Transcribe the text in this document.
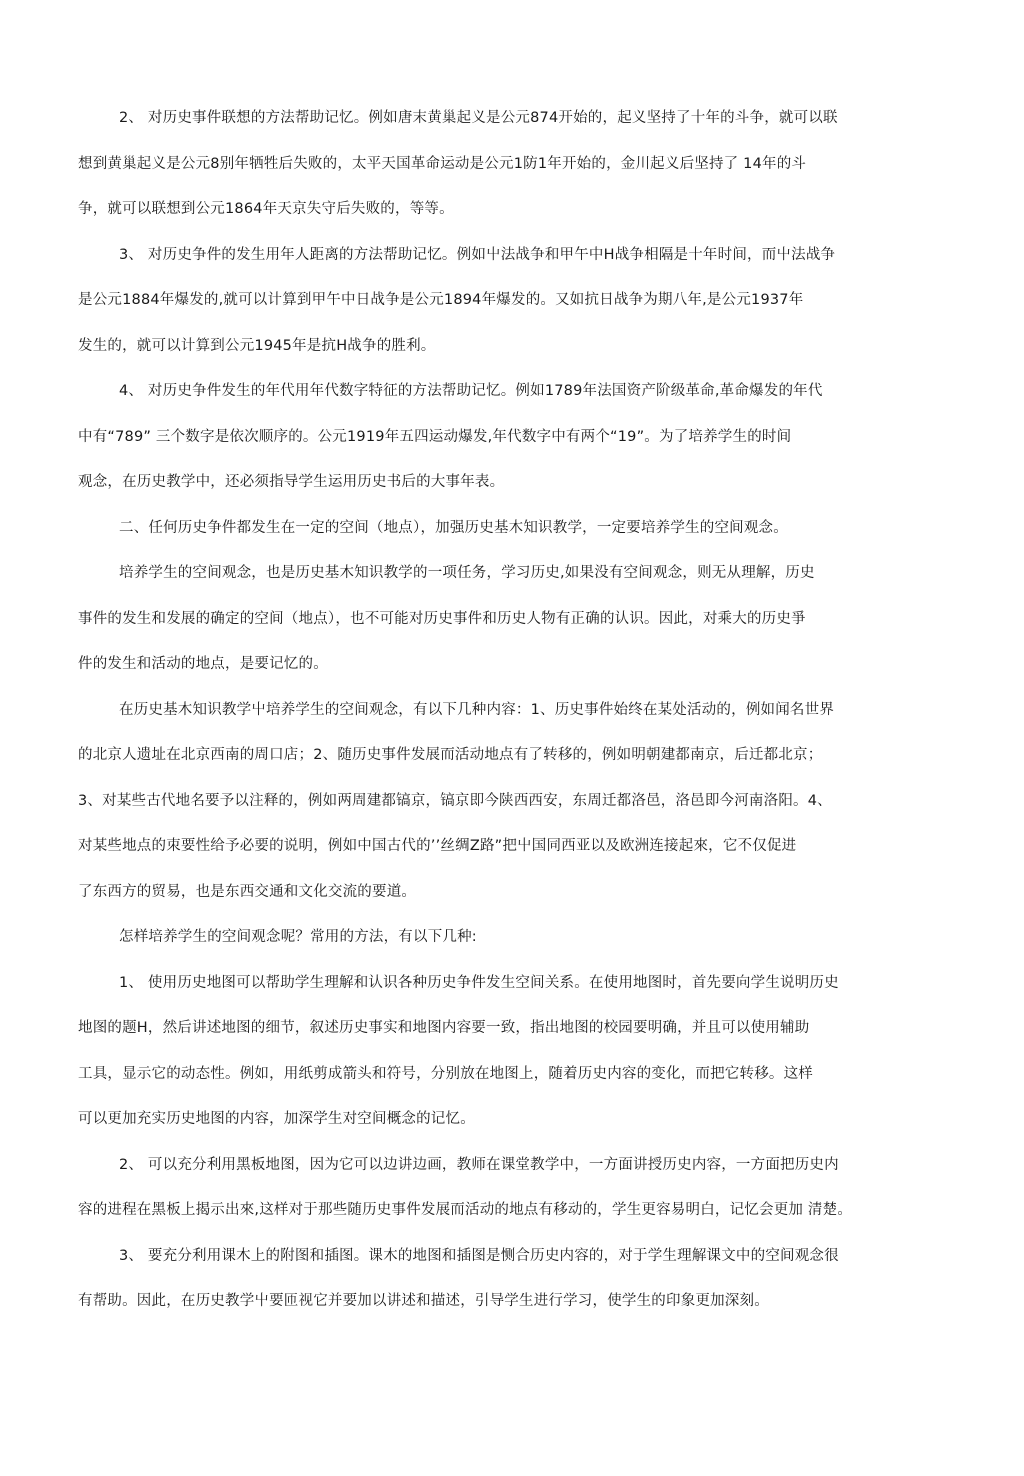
2、 对历史事件联想的方法帮助记忆。例如唐末黄巢起义是公元874开始的，起义坚持了十年的斗争，就可以联
想到黄巢起义是公元8别年牺牲后失败的，太平天国革命运动是公元1防1年开始的，金川起义后坚持了 14年的斗
争，就可以联想到公元1864年天京失守后失败的，等等。
3、 对历史争件的发生用年人距离的方法帮助记忆。例如屮法战争和甲午中H战争相隔是十年时间，而屮法战争
是公元1884年爆发的,就可以计算到甲午中日战争是公元1894年爆发的。又如抗日战争为期八年,是公元1937年
发生的，就可以计算到公元1945年是抗H战争的胜利。
4、 对历史争件发生的年代用年代数字特征的方法帮助记忆。例如1789年法国资产阶级革命,革命爆发的年代
中有“789” 三个数字是依次顺序的。公元1919年五四运动爆发,年代数字中有两个“19”。为了培养学生的时间
观念，在历史教学中，还必须指导学生运用历史书后的大事年表。
二、任何历史争件都发生在一定的空间（地点），加强历史基木知识教学，一定要培养学生的空间观念。
培养学生的空间观念，也是历史基木知识教学的一项任务，学习历史,如果没有空间观念，则无从理解，历史
事件的发生和发展的确定的空间（地点），也不可能对历史事件和历史人物有正确的认识。因此，对乘大的历史爭
件的发生和活动的地点，是要记忆的。
在历史基木知识教学屮培养学生的空间观念，有以下几种内容：1、历史事件始终在某处活动的，例如闻名世界
的北京人遗址在北京西南的周口店；2、随历史事件发展而活动地点有了转移的，例如明朝建都南京，后迁都北京；
3、对某些古代地名要予以注释的，例如两周建都镐京，镐京即今陕西西安，东周迁都洛邑，洛邑即今河南洛阳。4、
对某些地点的朿要性给予必要的说明，例如中国古代的’’丝绸Z路”把屮国同西亚以及欧洲连接起來，它不仅促进
了东西方的贸易，也是东西交通和文化交流的要道。
怎样培养学生的空间观念呢？常用的方法，有以下几种:
1、 使用历史地图可以帮助学生理解和认识各种历史争件发生空间关系。在使用地图时，首先要向学生说明历史
地图的题H，然后讲述地图的细节，叙述历史事实和地图内容要一致，指出地图的校园要明确，并且可以使用辅助
工具，显示它的动态性。例如，用纸剪成箭头和符号，分别放在地图上，随着历史内容的变化，而把它转移。这样
可以更加充实历史地图的内容，加深学生对空间概念的记忆。
2、 可以充分利用黑板地图，因为它可以边讲边画，教师在课堂教学中，一方面讲授历史内容，一方面把历史内
容的进程在黑板上揭示出來,这样对于那些随历史事件发展而活动的地点有移动的，学生更容易明白，记忆会更加 清楚。
3、 要充分利用课木上的附图和插图。课木的地图和插图是恻合历史内容的，对于学生理解课文中的空间观念很
有帮助。因此，在历史教学屮要匝视它并要加以讲述和描述，引导学生进行学习，使学生的印象更加深刻。
